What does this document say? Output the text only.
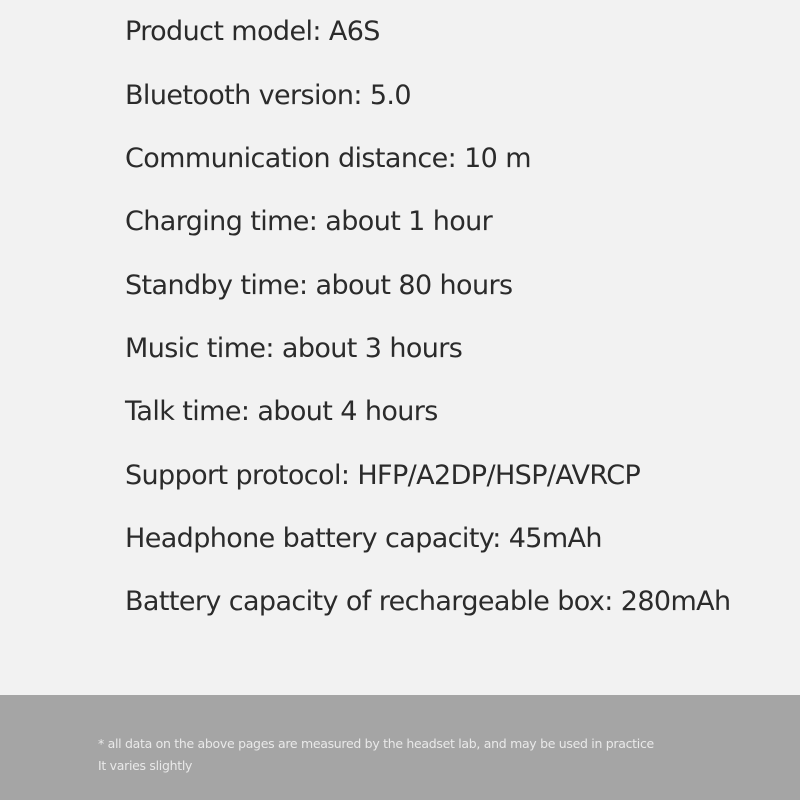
Product model: A6S
Bluetooth version: 5.0
Communication distance: 10 m
Charging time: about 1 hour
Standby time: about 80 hours
Music time: about 3 hours
Talk time: about 4 hours
Support protocol: HFP/A2DP/HSP/AVRCP
Headphone battery capacity: 45mAh
Battery capacity of rechargeable box: 280mAh
* all data on the above pages are measured by the headset lab, and may be used in practice
It varies slightly
